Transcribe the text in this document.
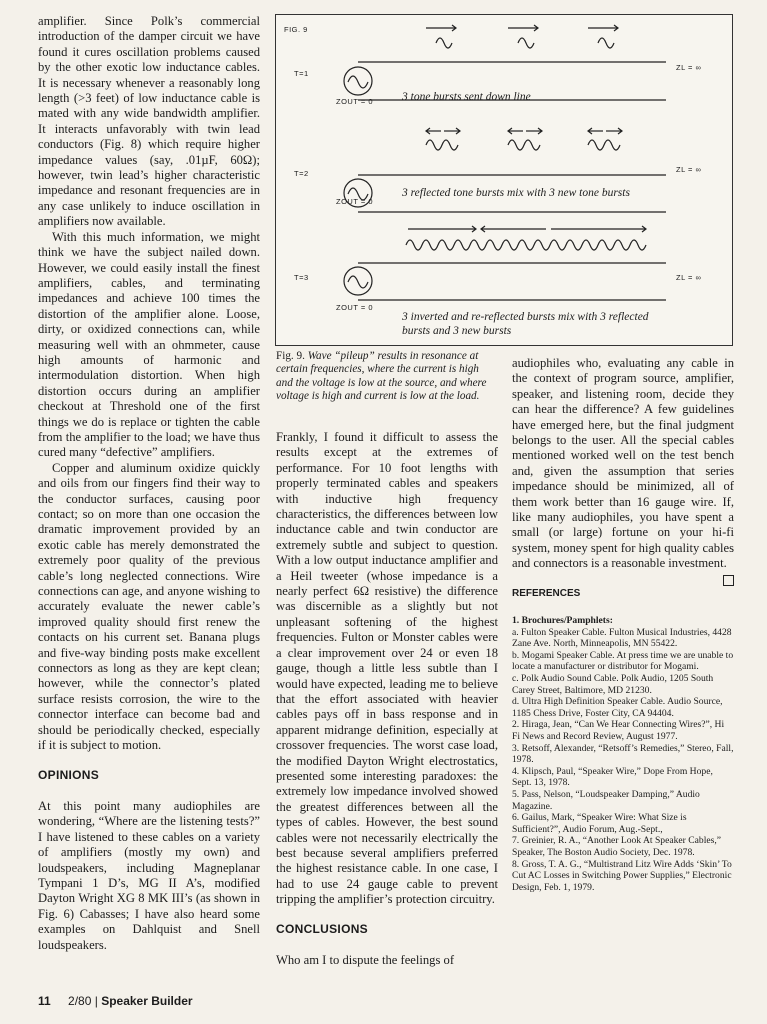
amplifier. Since Polk’s commercial introduction of the damper circuit we have found it cures oscillation problems caused by the other exotic low inductance cables. It is necessary whenever a reasonably long length (>3 feet) of low inductance cable is mated with any wide bandwidth amplifier. It interacts unfavorably with twin lead conductors (Fig. 8) which require higher impedance values (say, .01µF, 60Ω); however, twin lead’s higher characteristic impedance and resonant frequencies are in any case unlikely to induce oscillation in amplifiers now available.

With this much information, we might think we have the subject nailed down. However, we could easily install the finest amplifiers, cables, and terminating impedances and achieve 100 times the distortion of the amplifier alone. Loose, dirty, or oxidized connections can, while measuring well with an ohmmeter, cause high amounts of harmonic and intermodulation distortion. When high distortion occurs during an amplifier checkout at Threshold one of the first things we do is replace or tighten the cable from the amplifier to the load; we have thus cured many “defective” amplifiers.

Copper and aluminum oxidize quickly and oils from our fingers find their way to the conductor surfaces, causing poor contact; so on more than one occasion the dramatic improvement provided by an exotic cable has merely demonstrated the extremely poor quality of the previous cable’s long neglected connections. Wire connections can age, and anyone wishing to accurately evaluate the newer cable’s improved quality should first renew the contacts on his current set. Banana plugs and five-way binding posts make excellent connectors as long as they are kept clean; however, while the connector’s plated surface resists corrosion, the wire to the connector interface can become bad and should be periodically checked, especially if it is subject to motion.

OPINIONS

At this point many audiophiles are wondering, “Where are the listening tests?” I have listened to these cables on a variety of amplifiers (mostly my own) and loudspeakers, including Magneplanar Tympani 1 D’s, MG II A’s, modified Dayton Wright XG 8 MK III’s (as shown in Fig. 6) Cabasses; I have also heard some examples on Dahlquist and Snell loudspeakers.

FIG. 9
T=1
ZOUT = 0
ZL = ∞
3 tone bursts sent down line
T=2
ZOUT = 0
ZL = ∞
3 reflected tone bursts mix with 3 new tone bursts
T=3
ZOUT = 0
ZL = ∞
3 inverted and re-reflected bursts mix with 3 reflected bursts and 3 new bursts
Fig. 9. Wave “pileup” results in resonance at certain frequencies, where the current is high and the voltage is low at the source, and where voltage is high and current is low at the load.

Frankly, I found it difficult to assess the results except at the extremes of performance. For 10 foot lengths with properly terminated cables and speakers with inductive high frequency characteristics, the differences between low inductance cable and twin conductor are extremely subtle and subject to question. With a low output inductance amplifier and a Heil tweeter (whose impedance is a nearly perfect 6Ω resistive) the difference was discernible as a slightly but not unpleasant softening of the highest frequencies. Fulton or Monster cables were a clear improvement over 24 or even 18 gauge, though a little less subtle than I would have expected, leading me to believe that the effort associated with heavier cables pays off in bass response and in apparent midrange definition, especially at crossover frequencies. The worst case load, the modified Dayton Wright electrostatics, presented some interesting paradoxes: the extremely low impedance involved showed the greatest differences between all the types of cables. However, the best sound cables were not necessarily electrically the best because several amplifiers preferred the highest resistance cable. In one case, I had to use 24 gauge cable to prevent tripping the amplifier’s protection circuitry.

CONCLUSIONS

Who am I to dispute the feelings of

audiophiles who, evaluating any cable in the context of program source, amplifier, speaker, and listening room, decide they can hear the difference? A few guidelines have emerged here, but the final judgment belongs to the user. All the special cables mentioned worked well on the test bench and, given the assumption that series impedance should be minimized, all of them work better than 16 gauge wire. If, like many audiophiles, you have spent a small (or large) fortune on your hi-fi system, money spent for high quality cables and connectors is a reasonable investment.

REFERENCES
1. Brochures/Pamphlets:
a. Fulton Speaker Cable. Fulton Musical Industries, 4428 Zane Ave. North, Minneapolis, MN 55422.
b. Mogami Speaker Cable. At press time we are unable to locate a manufacturer or distributor for Mogami.
c. Polk Audio Sound Cable. Polk Audio, 1205 South Carey Street, Baltimore, MD 21230.
d. Ultra High Definition Speaker Cable. Audio Source, 1185 Chess Drive, Foster City, CA 94404.
2. Hiraga, Jean, “Can We Hear Connecting Wires?”, Hi Fi News and Record Review, August 1977.
3. Retsoff, Alexander, “Retsoff’s Remedies,” Stereo, Fall, 1978.
4. Klipsch, Paul, “Speaker Wire,” Dope From Hope, Sept. 13, 1978.
5. Pass, Nelson, “Loudspeaker Damping,” Audio Magazine.
6. Gailus, Mark, “Speaker Wire: What Size is Sufficient?”, Audio Forum, Aug.-Sept.,
7. Greinier, R. A., “Another Look At Speaker Cables,” Speaker, The Boston Audio Society, Dec. 1978.
8. Gross, T. A. G., “Multistrand Litz Wire Adds ‘Skin’ To Cut AC Losses in Switching Power Supplies,” Electronic Design, Feb. 1, 1979.
11 2/80 | Speaker Builder
